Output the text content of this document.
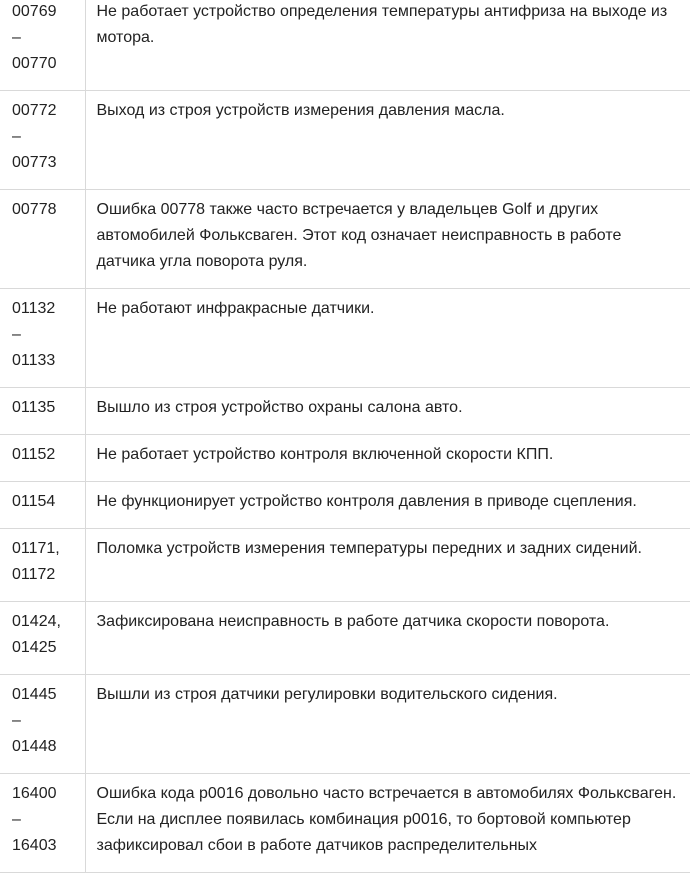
00769
–
00770	Не работает устройство определения температуры антифриза на выходе из мотора.

00772
–
00773	Выход из строя устройств измерения давления масла.

00778	Ошибка 00778 также часто встречается у владельцев Golf и других автомобилей Фольксваген. Этот код означает неисправность в работе датчика угла поворота руля.

01132
–
01133	Не работают инфракрасные датчики.

01135	Вышло из строя устройство охраны салона авто.

01152	Не работает устройство контроля включенной скорости КПП.

01154	Не функционирует устройство контроля давления в приводе сцепления.

01171,
01172	Поломка устройств измерения температуры передних и задних сидений.

01424,
01425	Зафиксирована неисправность в работе датчика скорости поворота.

01445
–
01448	Вышли из строя датчики регулировки водительского сидения.

16400
–
16403	Ошибка кода p0016 довольно часто встречается в автомобилях Фольксваген. Если на дисплее появилась комбинация p0016, то бортовой компьютер зафиксировал сбои в работе датчиков распределительных
